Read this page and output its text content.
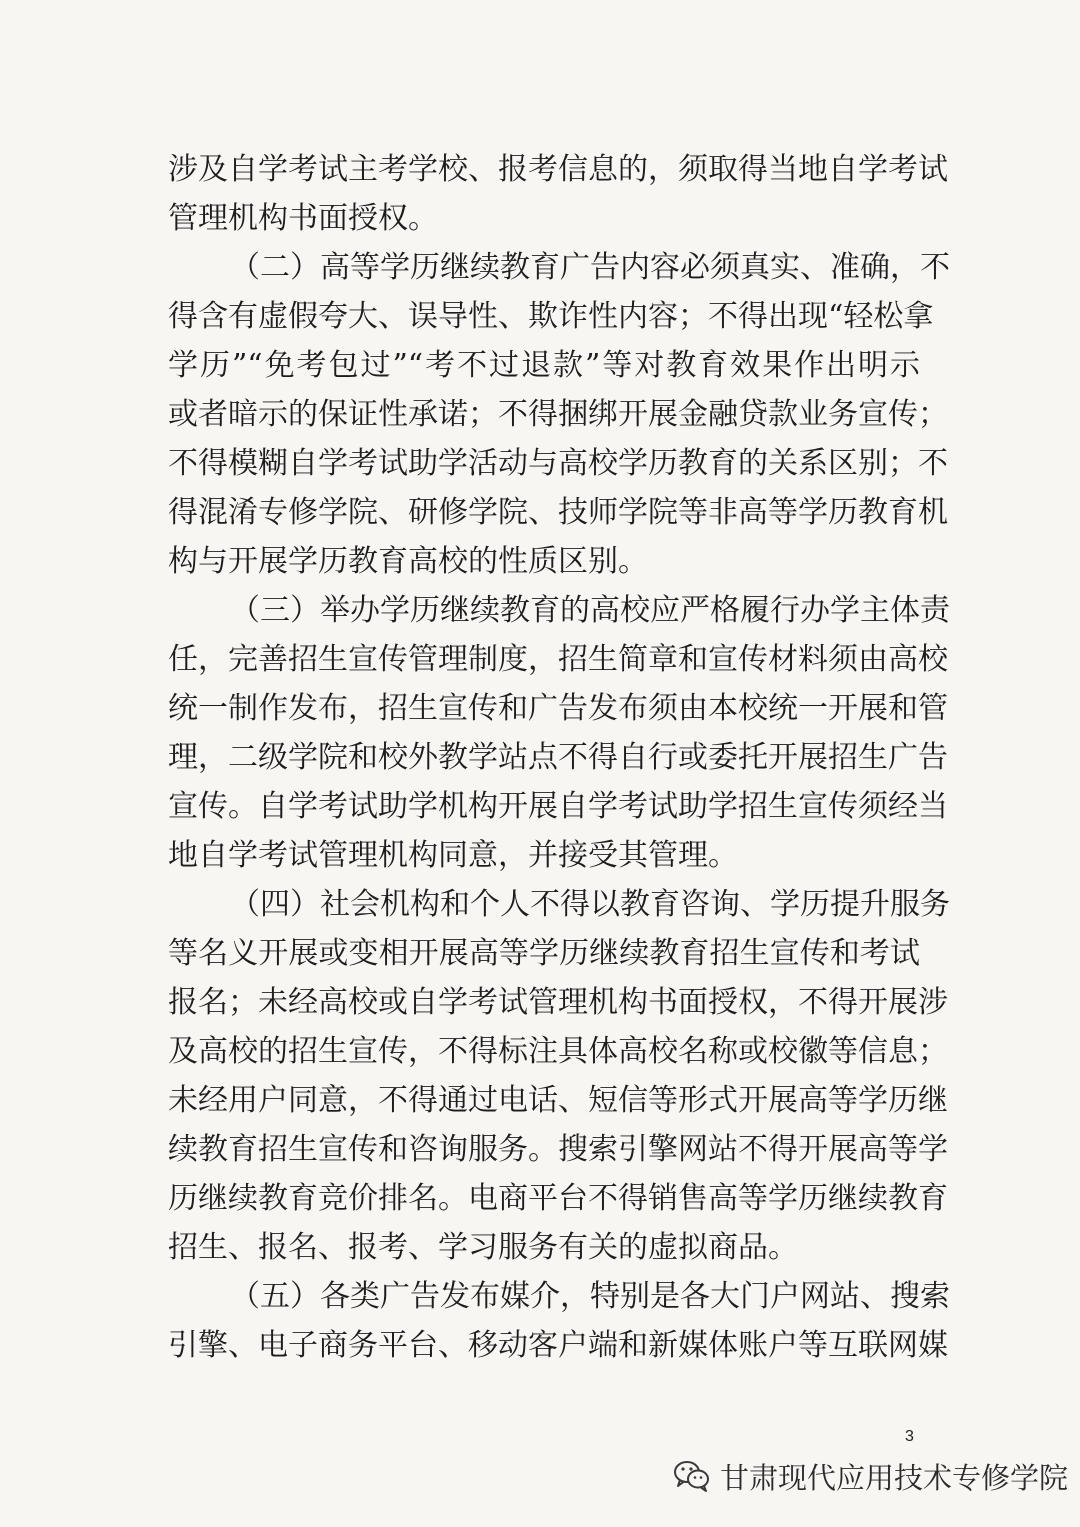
涉及自学考试主考学校、报考信息的，须取得当地自学考试
管理机构书面授权。
（二）高等学历继续教育广告内容必须真实、准确，不
得含有虚假夸大、误导性、欺诈性内容；不得出现“轻松拿
学历”“免考包过”“考不过退款”等对教育效果作出明示
或者暗示的保证性承诺；不得捆绑开展金融贷款业务宣传；
不得模糊自学考试助学活动与高校学历教育的关系区别；不
得混淆专修学院、研修学院、技师学院等非高等学历教育机
构与开展学历教育高校的性质区别。
（三）举办学历继续教育的高校应严格履行办学主体责
任，完善招生宣传管理制度，招生简章和宣传材料须由高校
统一制作发布，招生宣传和广告发布须由本校统一开展和管
理，二级学院和校外教学站点不得自行或委托开展招生广告
宣传。自学考试助学机构开展自学考试助学招生宣传须经当
地自学考试管理机构同意，并接受其管理。
（四）社会机构和个人不得以教育咨询、学历提升服务
等名义开展或变相开展高等学历继续教育招生宣传和考试
报名；未经高校或自学考试管理机构书面授权，不得开展涉
及高校的招生宣传，不得标注具体高校名称或校徽等信息；
未经用户同意，不得通过电话、短信等形式开展高等学历继
续教育招生宣传和咨询服务。搜索引擎网站不得开展高等学
历继续教育竞价排名。电商平台不得销售高等学历继续教育
招生、报名、报考、学习服务有关的虚拟商品。
（五）各类广告发布媒介，特别是各大门户网站、搜索
引擎、电子商务平台、移动客户端和新媒体账户等互联网媒
3
甘肃现代应用技术专修学院
